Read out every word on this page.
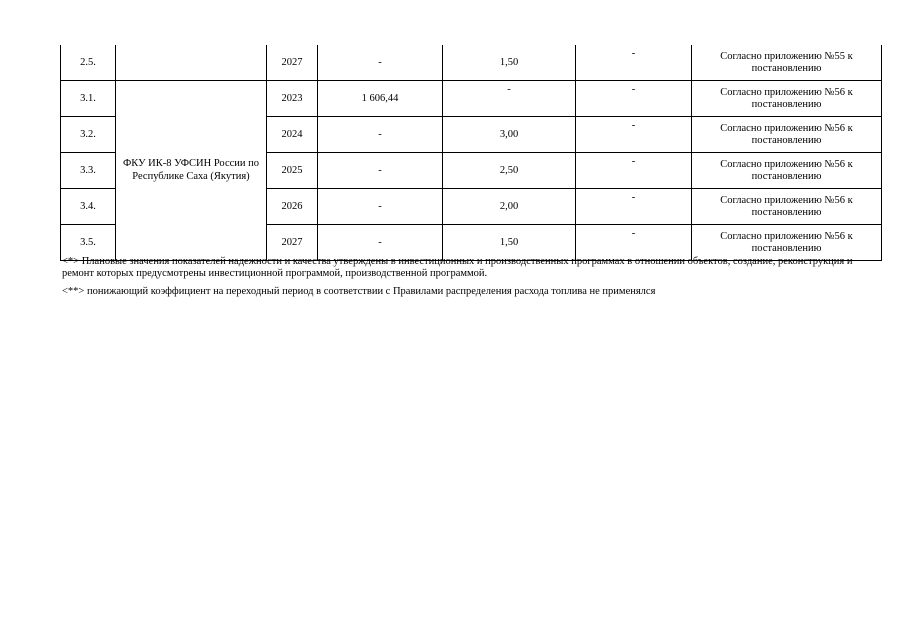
2.5.		2027	-	1,50	-	Согласно приложению №55 к постановлению
3.1.	ФКУ ИК-8 УФСИН России по Республике Саха (Якутия)	2023	1 606,44	-	-	Согласно приложению №56 к постановлению
3.2.		2024	-	3,00	-	Согласно приложению №56 к постановлению
3.3.		2025	-	2,50	-	Согласно приложению №56 к постановлению
3.4.		2026	-	2,00	-	Согласно приложению №56 к постановлению
3.5.		2027	-	1,50	-	Согласно приложению №56 к постановлению
<*> Плановые значения показателей надежности и качества утверждены в инвестиционных и производственных программах в отношении объектов, создание, реконструкция и ремонт которых предусмотрены инвестиционной программой, производственной программой.
<**> понижающий коэффициент на переходный период в соответствии с Правилами распределения расхода топлива не применялся
